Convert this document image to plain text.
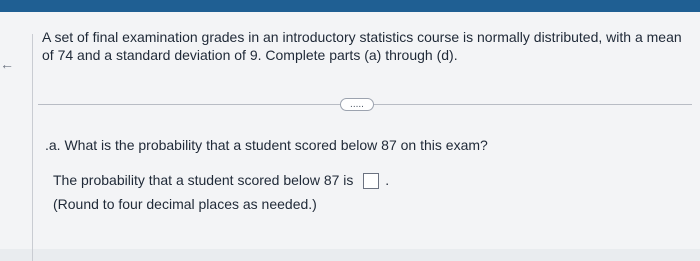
←
A set of final examination grades in an introductory statistics course is normally distributed, with a mean of 74 and a standard deviation of 9. Complete parts (a) through (d).
.....
.a. What is the probability that a student scored below 87 on this exam?
The probability that a student scored below 87 is .
(Round to four decimal places as needed.)
